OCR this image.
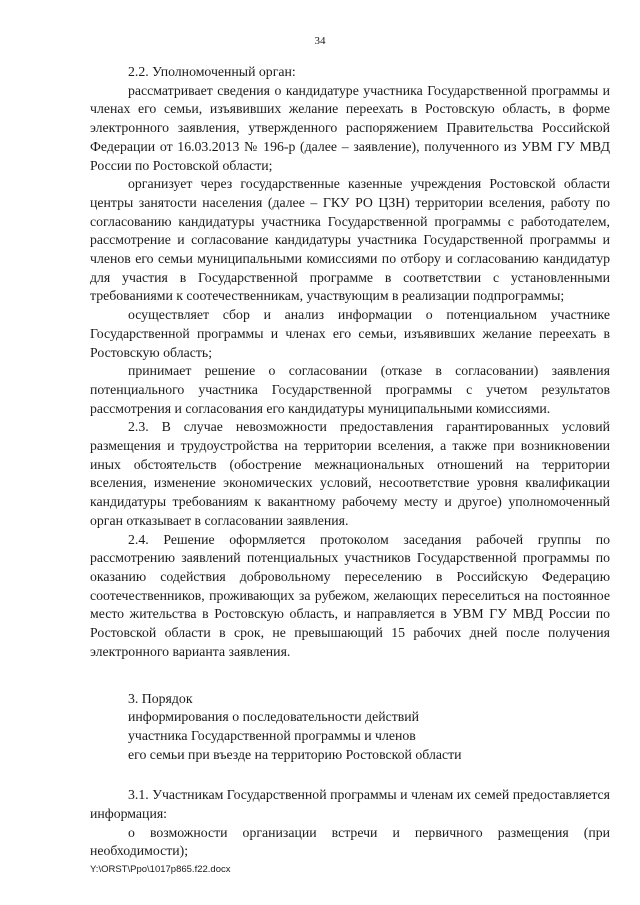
34

2.2. Уполномоченный орган:

рассматривает сведения о кандидатуре участника Государственной программы и членах его семьи, изъявивших желание переехать в Ростовскую область, в форме электронного заявления, утвержденного распоряжением Правительства Российской Федерации от 16.03.2013 № 196-р (далее – заявление), полученного из УВМ ГУ МВД России по Ростовской области;

организует через государственные казенные учреждения Ростовской области центры занятости населения (далее – ГКУ РО ЦЗН) территории вселения, работу по согласованию кандидатуры участника Государственной программы с работодателем, рассмотрение и согласование кандидатуры участника Государственной программы и членов его семьи муниципальными комиссиями по отбору и согласованию кандидатур для участия в Государственной программе в соответствии с установленными требованиями к соотечественникам, участвующим в реализации подпрограммы;

осуществляет сбор и анализ информации о потенциальном участнике Государственной программы и членах его семьи, изъявивших желание переехать в Ростовскую область;

принимает решение о согласовании (отказе в согласовании) заявления потенциального участника Государственной программы с учетом результатов рассмотрения и согласования его кандидатуры муниципальными комиссиями.

2.3. В случае невозможности предоставления гарантированных условий размещения и трудоустройства на территории вселения, а также при возникновении иных обстоятельств (обострение межнациональных отношений на территории вселения, изменение экономических условий, несоответствие уровня квалификации кандидатуры требованиям к вакантному рабочему месту и другое) уполномоченный орган отказывает в согласовании заявления.

2.4. Решение оформляется протоколом заседания рабочей группы по рассмотрению заявлений потенциальных участников Государственной программы по оказанию содействия добровольному переселению в Российскую Федерацию соотечественников, проживающих за рубежом, желающих переселиться на постоянное место жительства в Ростовскую область, и направляется в УВМ ГУ МВД России по Ростовской области в срок, не превышающий 15 рабочих дней после получения электронного варианта заявления.

3. Порядок

информирования о последовательности действий

участника Государственной программы и членов

его семьи при въезде на территорию Ростовской области

3.1. Участникам Государственной программы и членам их семей предоставляется информация:

о возможности организации встречи и первичного размещения (при необходимости);

Y:\ORST\Ppo\1017p865.f22.docx
